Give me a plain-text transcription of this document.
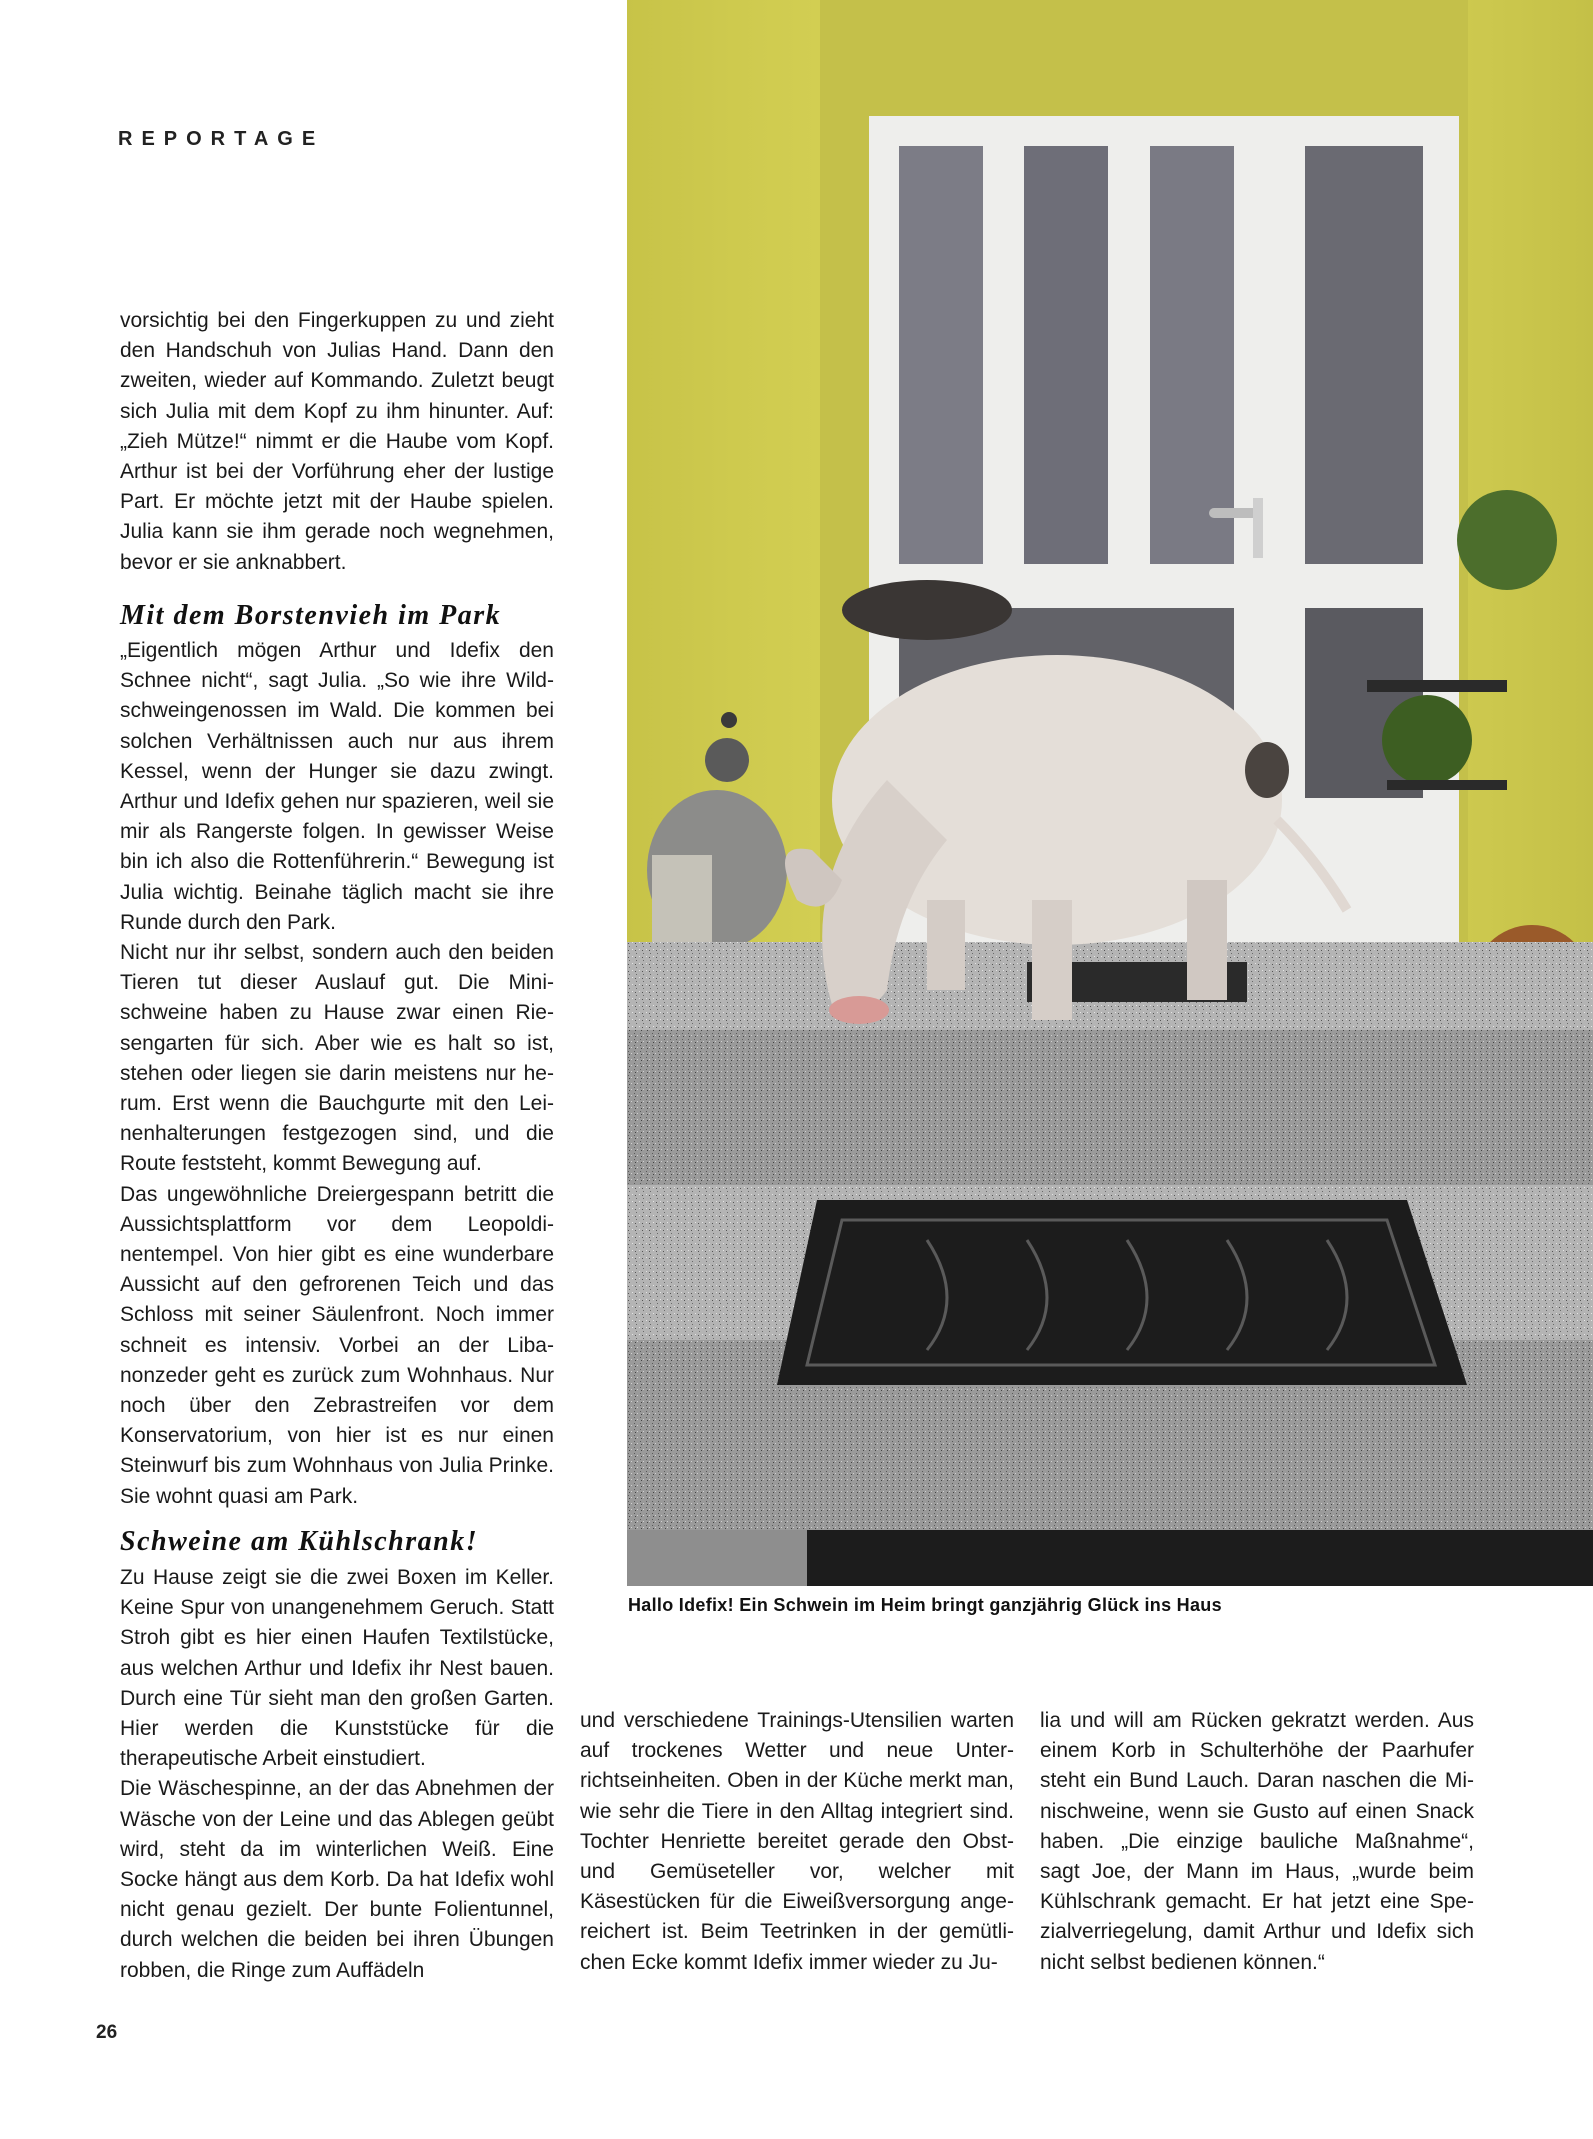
REPORTAGE

vorsichtig bei den Fingerkuppen zu und zieht den Handschuh von Julias Hand. Dann den zweiten, wieder auf Kommando. Zuletzt beugt sich Julia mit dem Kopf zu ihm hinunter. Auf: „Zieh Mütze!“ nimmt er die Haube vom Kopf. Arthur ist bei der Vorführung eher der lustige Part. Er möchte jetzt mit der Haube spielen. Julia kann sie ihm gerade noch wegnehmen, bevor er sie anknabbert.

Mit dem Borstenvieh im Park

„Eigentlich mögen Arthur und Idefix den Schnee nicht“, sagt Julia. „So wie ihre Wildschweingenossen im Wald. Die kommen bei solchen Verhältnissen auch nur aus ihrem Kessel, wenn der Hunger sie dazu zwingt. Arthur und Idefix gehen nur spazieren, weil sie mir als Rangerste folgen. In gewisser Weise bin ich also die Rottenführerin.“ Bewegung ist Julia wichtig. Beinahe täglich macht sie ihre Runde durch den Park.

Nicht nur ihr selbst, sondern auch den beiden Tieren tut dieser Auslauf gut. Die Minischweine haben zu Hause zwar einen Riesengarten für sich. Aber wie es halt so ist, stehen oder liegen sie darin meistens nur herum. Erst wenn die Bauchgurte mit den Leinenhalterungen festgezogen sind, und die Route feststeht, kommt Bewegung auf.

Das ungewöhnliche Dreiergespann betritt die Aussichtsplattform vor dem Leopoldinentempel. Von hier gibt es eine wunderbare Aussicht auf den gefrorenen Teich und das Schloss mit seiner Säulenfront. Noch immer schneit es intensiv. Vorbei an der Libanonzeder geht es zurück zum Wohnhaus. Nur noch über den Zebrastreifen vor dem Konservatorium, von hier ist es nur einen Steinwurf bis zum Wohnhaus von Julia Prinke. Sie wohnt quasi am Park.

Schweine am Kühlschrank!

Zu Hause zeigt sie die zwei Boxen im Keller. Keine Spur von unangenehmem Geruch. Statt Stroh gibt es hier einen Haufen Textilstücke, aus welchen Arthur und Idefix ihr Nest bauen. Durch eine Tür sieht man den großen Garten. Hier werden die Kunststücke für die therapeutische Arbeit einstudiert.

Die Wäschespinne, an der das Abnehmen der Wäsche von der Leine und das Ablegen geübt wird, steht da im winterlichen Weiß. Eine Socke hängt aus dem Korb. Da hat Idefix wohl nicht genau gezielt. Der bunte Folientunnel, durch welchen die beiden bei ihren Übungen robben, die Ringe zum Auffädeln

und verschiedene Trainings-Utensilien warten auf trockenes Wetter und neue Unterrichtseinheiten. Oben in der Küche merkt man, wie sehr die Tiere in den Alltag integriert sind. Tochter Henriette bereitet gerade den Obst- und Gemüseteller vor, welcher mit Käsestücken für die Eiweißversorgung angereichert ist. Beim Teetrinken in der gemütlichen Ecke kommt Idefix immer wieder zu Ju-

lia und will am Rücken gekratzt werden. Aus einem Korb in Schulterhöhe der Paarhufer steht ein Bund Lauch. Daran naschen die Minischweine, wenn sie Gusto auf einen Snack haben. „Die einzige bauliche Maßnahme“, sagt Joe, der Mann im Haus, „wurde beim Kühlschrank gemacht. Er hat jetzt eine Spezialverriegelung, damit Arthur und Idefix sich nicht selbst bedienen können.“

Hallo Idefix! Ein Schwein im Heim bringt ganzjährig Glück ins Haus
26
